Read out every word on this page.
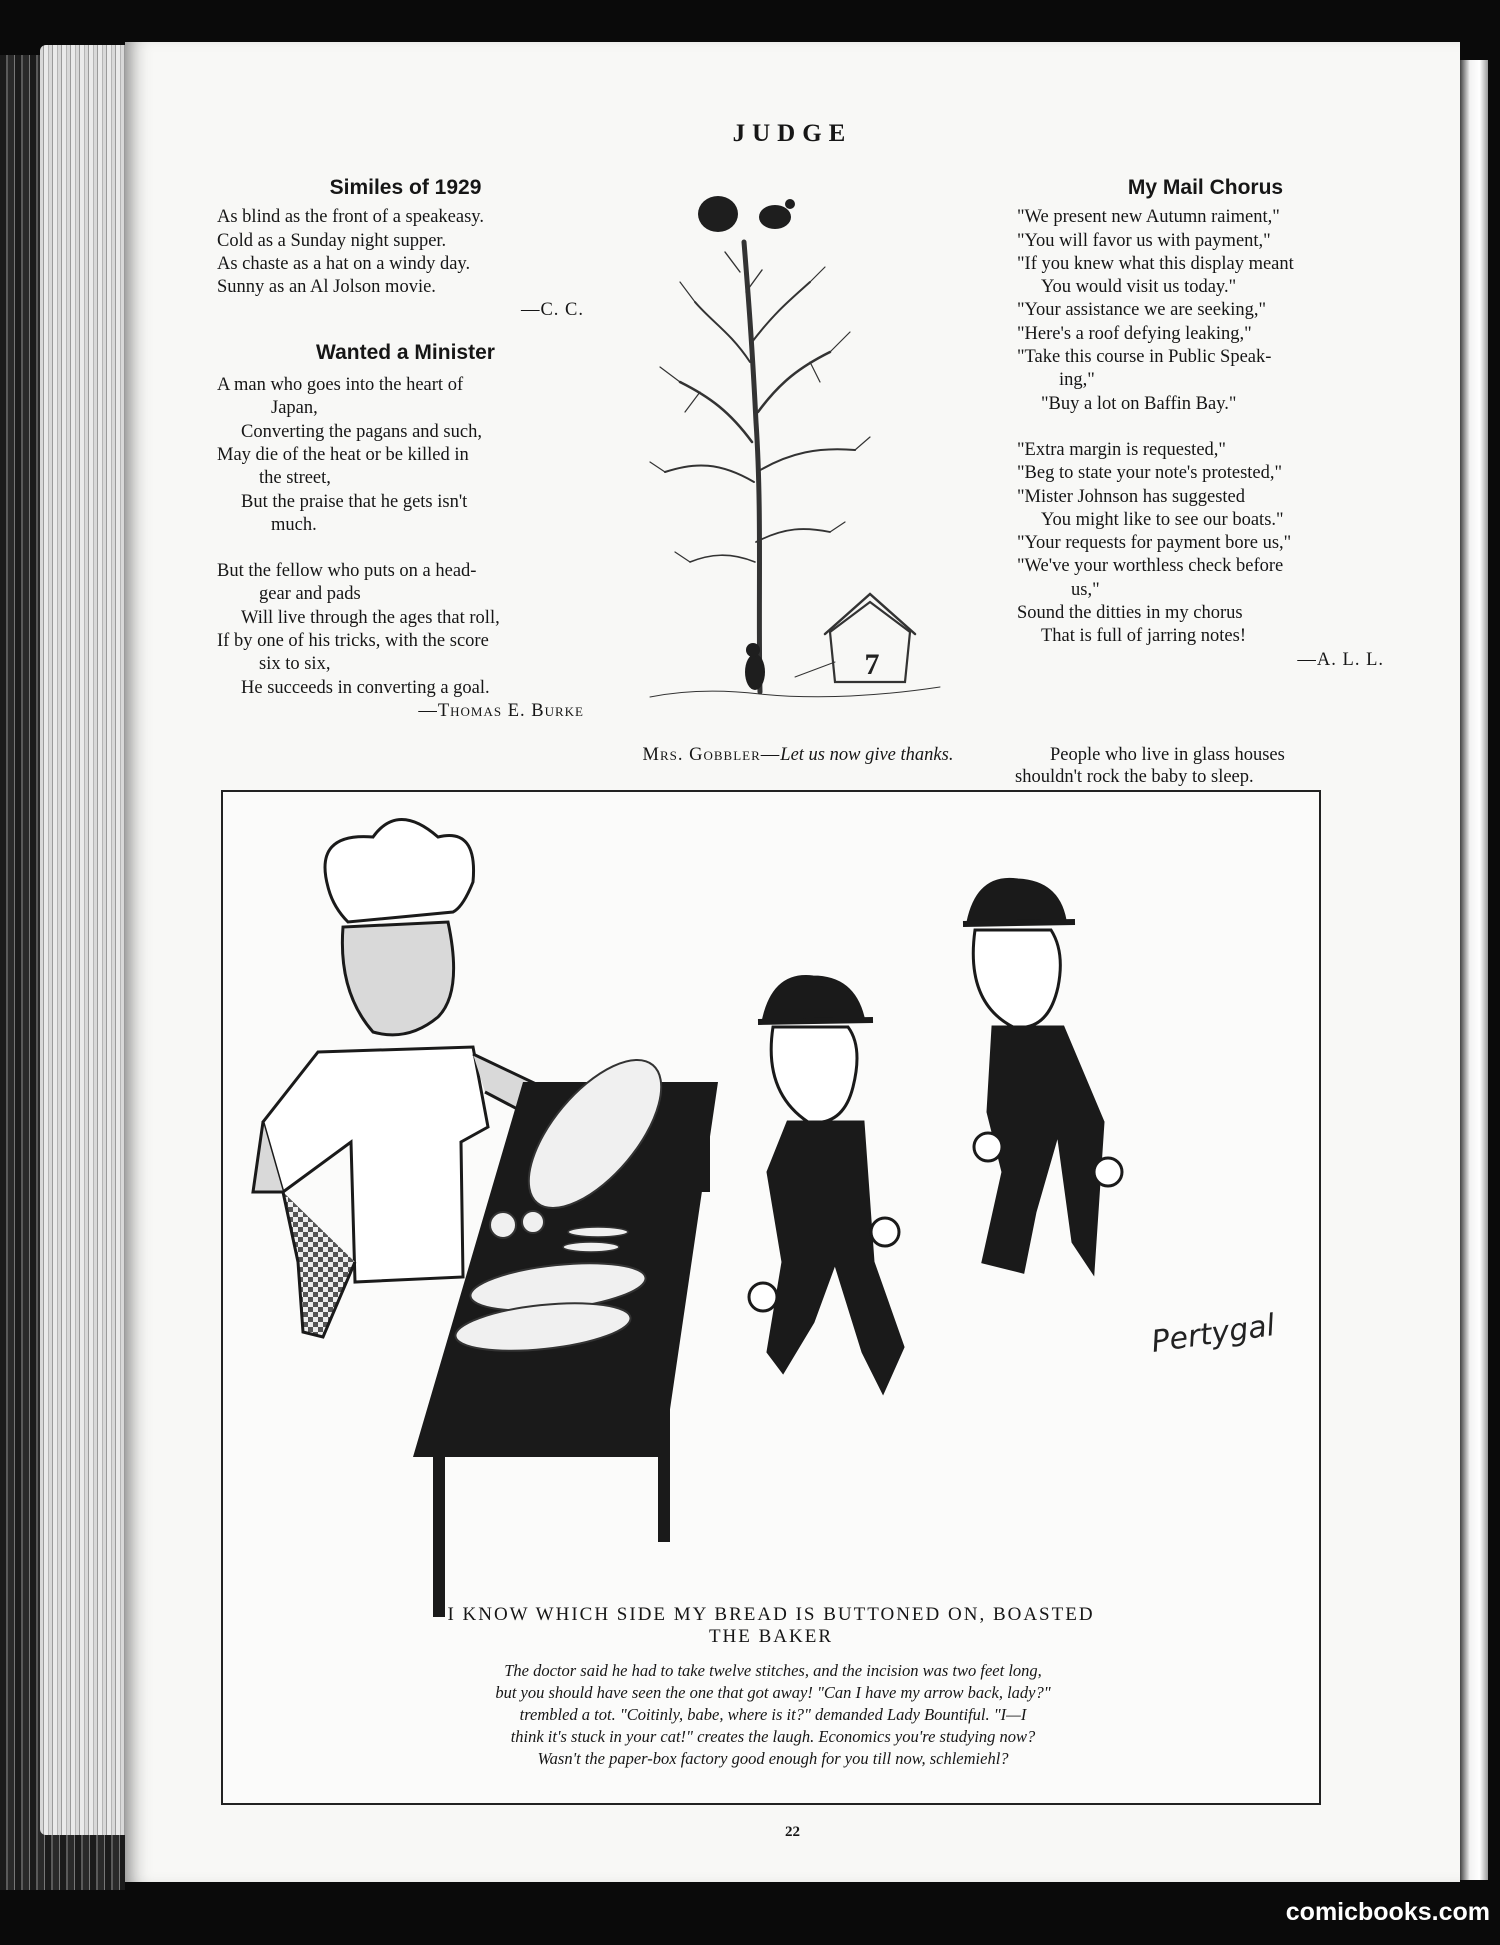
JUDGE
Similes of 1929
As blind as the front of a speakeasy.
Cold as a Sunday night supper.
As chaste as a hat on a windy day.
Sunny as an Al Jolson movie.
—C. C.
Wanted a Minister
A man who goes into the heart of
Japan,
Converting the pagans and such,
May die of the heat or be killed in
the street,
But the praise that he gets isn't
much.
But the fellow who puts on a head-
gear and pads
Will live through the ages that roll,
If by one of his tricks, with the score
six to six,
He succeeds in converting a goal.
—Thomas E. Burke
7
Mrs. Gobbler—Let us now give thanks.
My Mail Chorus
"We present new Autumn raiment,"
"You will favor us with payment,"
"If you knew what this display meant
You would visit us today."
"Your assistance we are seeking,"
"Here's a roof defying leaking,"
"Take this course in Public Speak-
ing,"
"Buy a lot on Baffin Bay."
"Extra margin is requested,"
"Beg to state your note's protested,"
"Mister Johnson has suggested
You might like to see our boats."
"Your requests for payment bore us,"
"We've your worthless check before
us,"
Sound the ditties in my chorus
That is full of jarring notes!
—A. L. L.
People who live in glass houses
shouldn't rock the baby to sleep.
Pertygal
I KNOW WHICH SIDE MY BREAD IS BUTTONED ON, BOASTED
THE BAKER
The doctor said he had to take twelve stitches, and the incision was two feet long,
but you should have seen the one that got away! "Can I have my arrow back, lady?"
trembled a tot. "Coitinly, babe, where is it?" demanded Lady Bountiful. "I—I
think it's stuck in your cat!" creates the laugh. Economics you're studying now?
Wasn't the paper-box factory good enough for you till now, schlemiehl?
22
comicbooks.com
